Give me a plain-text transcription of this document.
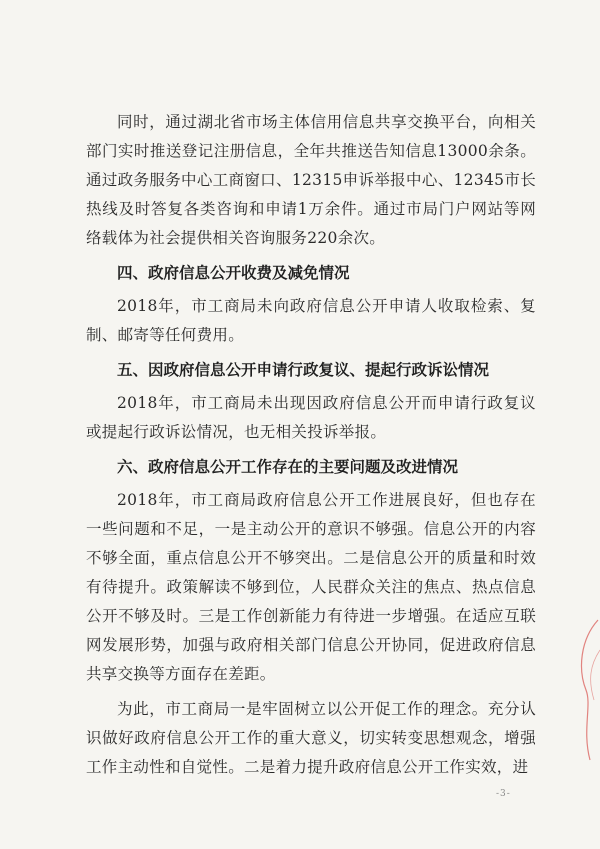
同时，通过湖北省市场主体信用信息共享交换平台，向相关部门实时推送登记注册信息，全年共推送告知信息13000余条。通过政务服务中心工商窗口、12315申诉举报中心、12345市长热线及时答复各类咨询和申请1万余件。通过市局门户网站等网络载体为社会提供相关咨询服务220余次。

四、政府信息公开收费及减免情况

2018年，市工商局未向政府信息公开申请人收取检索、复制、邮寄等任何费用。

五、因政府信息公开申请行政复议、提起行政诉讼情况

2018年，市工商局未出现因政府信息公开而申请行政复议或提起行政诉讼情况，也无相关投诉举报。

六、政府信息公开工作存在的主要问题及改进情况

2018年，市工商局政府信息公开工作进展良好，但也存在一些问题和不足，一是主动公开的意识不够强。信息公开的内容不够全面，重点信息公开不够突出。二是信息公开的质量和时效有待提升。政策解读不够到位，人民群众关注的焦点、热点信息公开不够及时。三是工作创新能力有待进一步增强。在适应互联网发展形势，加强与政府相关部门信息公开协同，促进政府信息共享交换等方面存在差距。

为此，市工商局一是牢固树立以公开促工作的理念。充分认识做好政府信息公开工作的重大意义，切实转变思想观念，增强工作主动性和自觉性。二是着力提升政府信息公开工作实效，进

-3-
